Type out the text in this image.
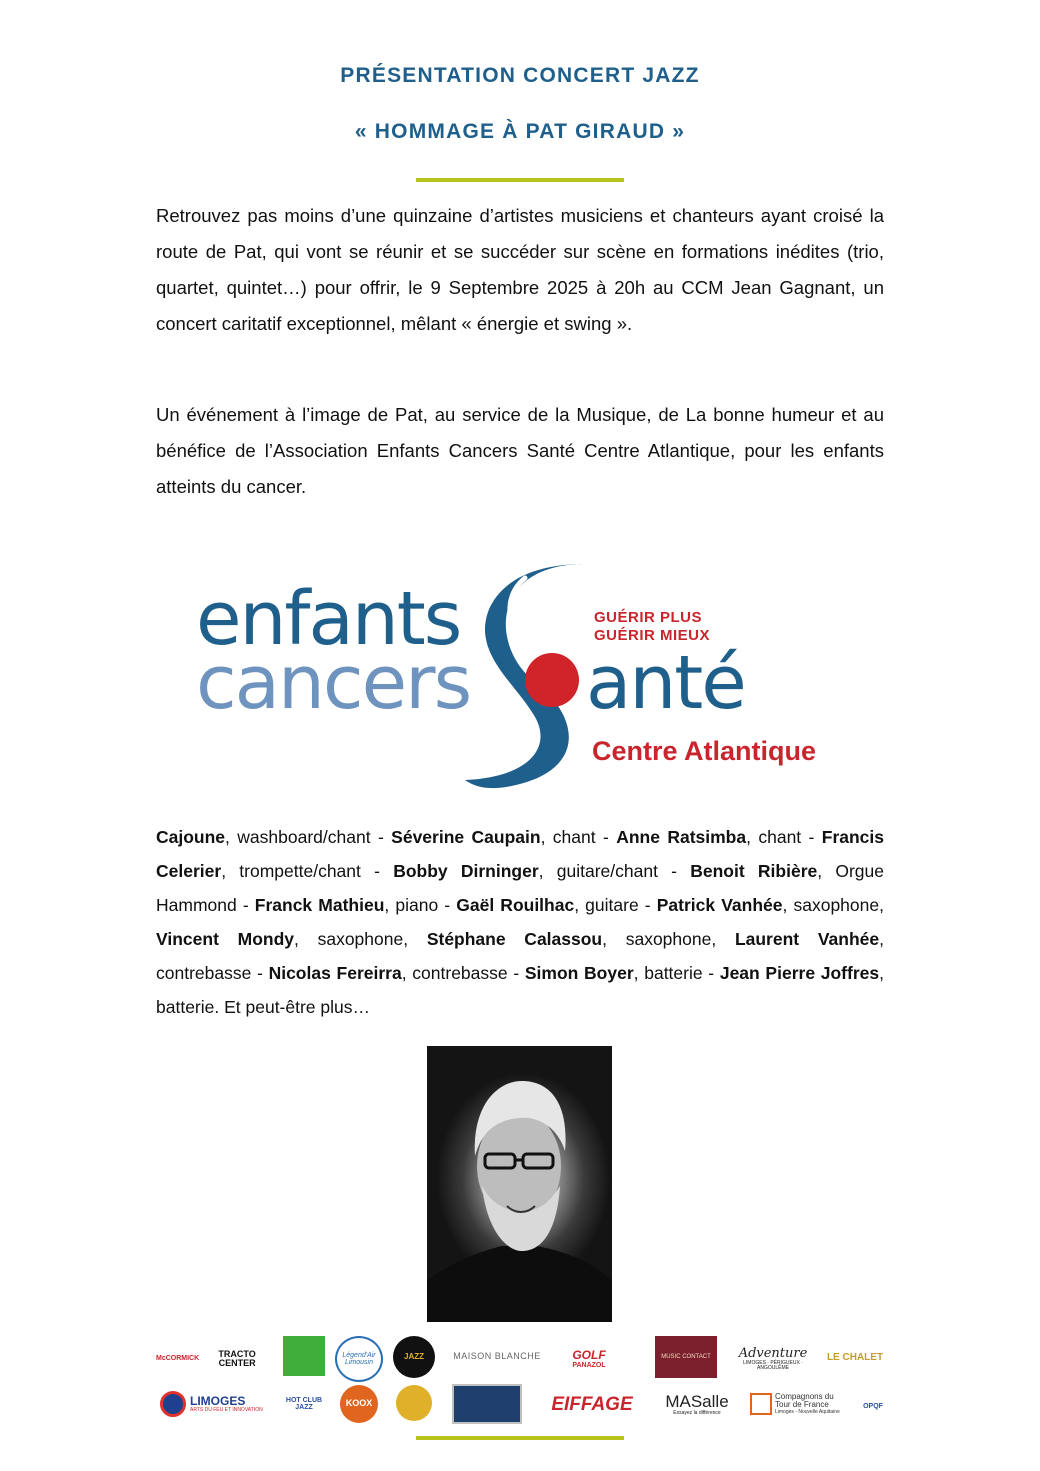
PRÉSENTATION CONCERT JAZZ
« HOMMAGE À PAT GIRAUD »

Retrouvez pas moins d’une quinzaine d’artistes musiciens et chanteurs ayant croisé la route de Pat, qui vont se réunir et se succéder sur scène en formations inédites (trio, quartet, quintet…) pour offrir, le 9 Septembre 2025 à 20h au CCM Jean Gagnant, un concert caritatif exceptionnel, mêlant « énergie et swing ».

Un événement à l’image de Pat, au service de la Musique, de La bonne humeur et au bénéfice de l’Association Enfants Cancers Santé Centre Atlantique, pour les enfants atteints du cancer.

enfants

cancers anté

GUÉRIR PLUS

GUÉRIR MIEUX

Centre Atlantique

Cajoune, washboard/chant - Séverine Caupain, chant - Anne Ratsimba, chant - Francis Celerier, trompette/chant - Bobby Dirninger, guitare/chant - Benoit Ribière, Orgue Hammond - Franck Mathieu, piano - Gaël Rouilhac, guitare - Patrick Vanhée, saxophone, Vincent Mondy, saxophone, Stéphane Calassou, saxophone, Laurent Vanhée, contrebasse - Nicolas Fereirra, contrebasse - Simon Boyer, batterie - Jean Pierre Joffres, batterie. Et peut-être plus…

McCORMICK
TRACTO CENTER
Légend'Air Limousin
JAZZ	MAISON BLANCHE	GOLF
PANAZOL
MUSIC CONTACT Adventure
LIMOGES · PÉRIGUEUX · ANGOULÊME
LE CHALET
LIMOGES
ARTS DU FEU ET INNOVATION
HOT CLUB JAZZ	KOOX	EIFFAGE MASalle
Essayez la différence
Compagnons du Tour de France
Limoges - Nouvelle Aquitaine
OPQF
